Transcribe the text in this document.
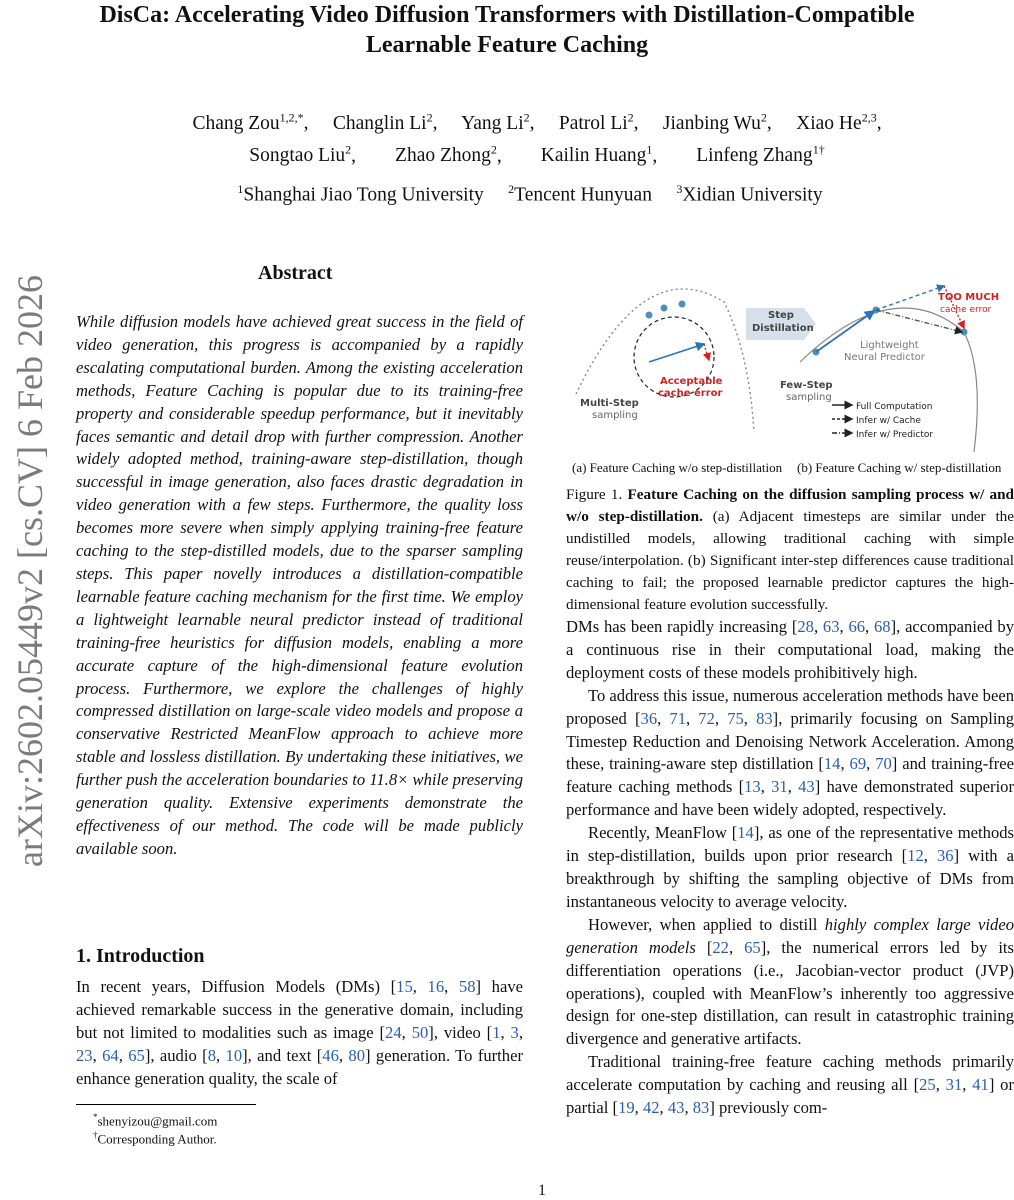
DisCa: Accelerating Video Diffusion Transformers with Distillation-Compatible
Learnable Feature Caching
Chang Zou$^{1,2,*}$,     Changlin Li$^2$,     Yang Li$^2$,     Patrol Li$^2$,     Jianbing Wu$^2$,     Xiao He$^{2,3}$,
Songtao Liu$^2$,        Zhao Zhong$^2$,        Kailin Huang$^1$,        Linfeng Zhang$^{1\dagger}$
$^1$Shanghai Jiao Tong University $^2$Tencent Hunyuan $^3$Xidian University
arXiv:2602.05449v2 [cs.CV] 6 Feb 2026
Abstract
While diffusion models have achieved great success in the field of video generation, this progress is accompanied by a rapidly escalating computational burden. Among the existing acceleration methods, Feature Caching is popular due to its training-free property and considerable speedup performance, but it inevitably faces semantic and detail drop with further compression. Another widely adopted method, training-aware step-distillation, though successful in image generation, also faces drastic degradation in video generation with a few steps. Furthermore, the quality loss becomes more severe when simply applying training-free feature caching to the step-distilled models, due to the sparser sampling steps. This paper novelly introduces a distillation-compatible learnable feature caching mechanism for the first time. We employ a lightweight learnable neural predictor instead of traditional training-free heuristics for diffusion models, enabling a more accurate capture of the high-dimensional feature evolution process. Furthermore, we explore the challenges of highly compressed distillation on large-scale video models and propose a conservative Restricted MeanFlow approach to achieve more stable and lossless distillation. By undertaking these initiatives, we further push the acceleration boundaries to 11.8× while preserving generation quality. Extensive experiments demonstrate the effectiveness of our method. The code will be made publicly available soon.
1. Introduction
In recent years, Diffusion Models (DMs) [15, 16, 58] have achieved remarkable success in the generative domain, including but not limited to modalities such as image [24, 50], video [1, 3, 23, 64, 65], audio [8, 10], and text [46, 80] generation. To further enhance generation quality, the scale of
*shenyizou@gmail.com
†Corresponding Author.
1
Acceptable
cache error
Multi-Step
sampling
Step
Distillation
TOO MUCH
cache error
Lightweight
Neural Predictor
Few-Step
sampling
Full Computation
Infer w/ Cache
Infer w/ Predictor
(a) Feature Caching w/o step-distillation (b) Feature Caching w/ step-distillation
Figure 1. Feature Caching on the diffusion sampling process w/ and w/o step-distillation. (a) Adjacent timesteps are similar under the undistilled models, allowing traditional caching with simple reuse/interpolation. (b) Significant inter-step differences cause traditional caching to fail; the proposed learnable predictor captures the high-dimensional feature evolution successfully.

DMs has been rapidly increasing [28, 63, 66, 68], accompanied by a continuous rise in their computational load, making the deployment costs of these models prohibitively high.

To address this issue, numerous acceleration methods have been proposed [36, 71, 72, 75, 83], primarily focusing on Sampling Timestep Reduction and Denoising Network Acceleration. Among these, training-aware step distillation [14, 69, 70] and training-free feature caching methods [13, 31, 43] have demonstrated superior performance and have been widely adopted, respectively.

Recently, MeanFlow [14], as one of the representative methods in step-distillation, builds upon prior research [12, 36] with a breakthrough by shifting the sampling objective of DMs from instantaneous velocity to average velocity.

However, when applied to distill highly complex large video generation models [22, 65], the numerical errors led by its differentiation operations (i.e., Jacobian-vector product (JVP) operations), coupled with MeanFlow’s inherently too aggressive design for one-step distillation, can result in catastrophic training divergence and generative artifacts.

Traditional training-free feature caching methods primarily accelerate computation by caching and reusing all [25, 31, 41] or partial [19, 42, 43, 83] previously com-
